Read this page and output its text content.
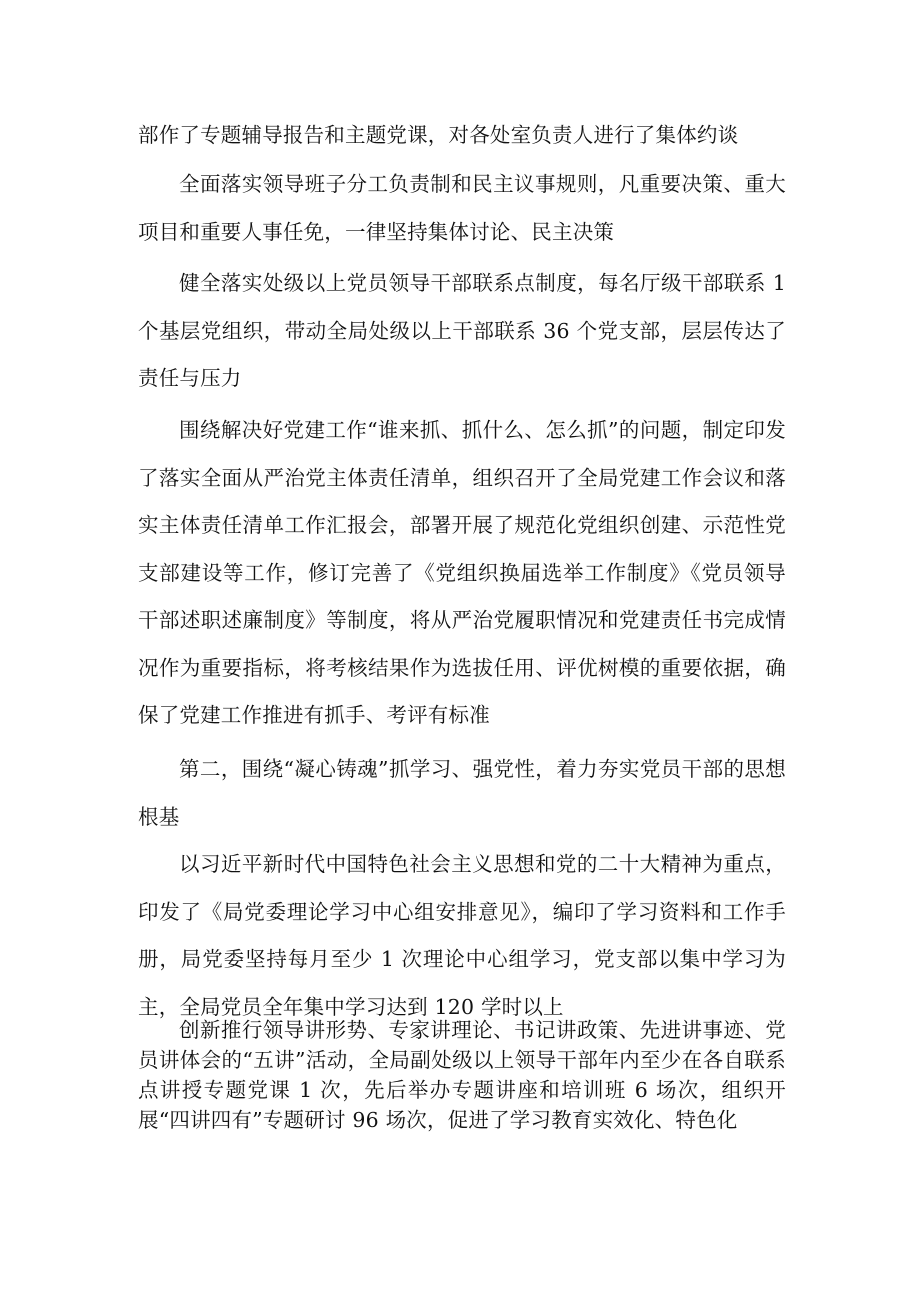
部作了专题辅导报告和主题党课，对各处室负责人进行了集体约谈

全面落实领导班子分工负责制和民主议事规则，凡重要决策、重大项目和重要人事任免，一律坚持集体讨论、民主决策

健全落实处级以上党员领导干部联系点制度，每名厅级干部联系 1 个基层党组织，带动全局处级以上干部联系 36 个党支部，层层传达了责任与压力

围绕解决好党建工作“谁来抓、抓什么、怎么抓”的问题，制定印发了落实全面从严治党主体责任清单，组织召开了全局党建工作会议和落实主体责任清单工作汇报会，部署开展了规范化党组织创建、示范性党支部建设等工作，修订完善了《党组织换届选举工作制度》《党员领导干部述职述廉制度》等制度，将从严治党履职情况和党建责任书完成情况作为重要指标，将考核结果作为选拔任用、评优树模的重要依据，确保了党建工作推进有抓手、考评有标准

第二，围绕“凝心铸魂”抓学习、强党性，着力夯实党员干部的思想根基

以习近平新时代中国特色社会主义思想和党的二十大精神为重点，印发了《局党委理论学习中心组安排意见》，编印了学习资料和工作手册，局党委坚持每月至少 1 次理论中心组学习，党支部以集中学习为主，全局党员全年集中学习达到 120 学时以上

创新推行领导讲形势、专家讲理论、书记讲政策、先进讲事迹、党员讲体会的“五讲”活动，全局副处级以上领导干部年内至少在各自联系点讲授专题党课 1 次，先后举办专题讲座和培训班 6 场次，组织开展“四讲四有”专题研讨 96 场次，促进了学习教育实效化、特色化
